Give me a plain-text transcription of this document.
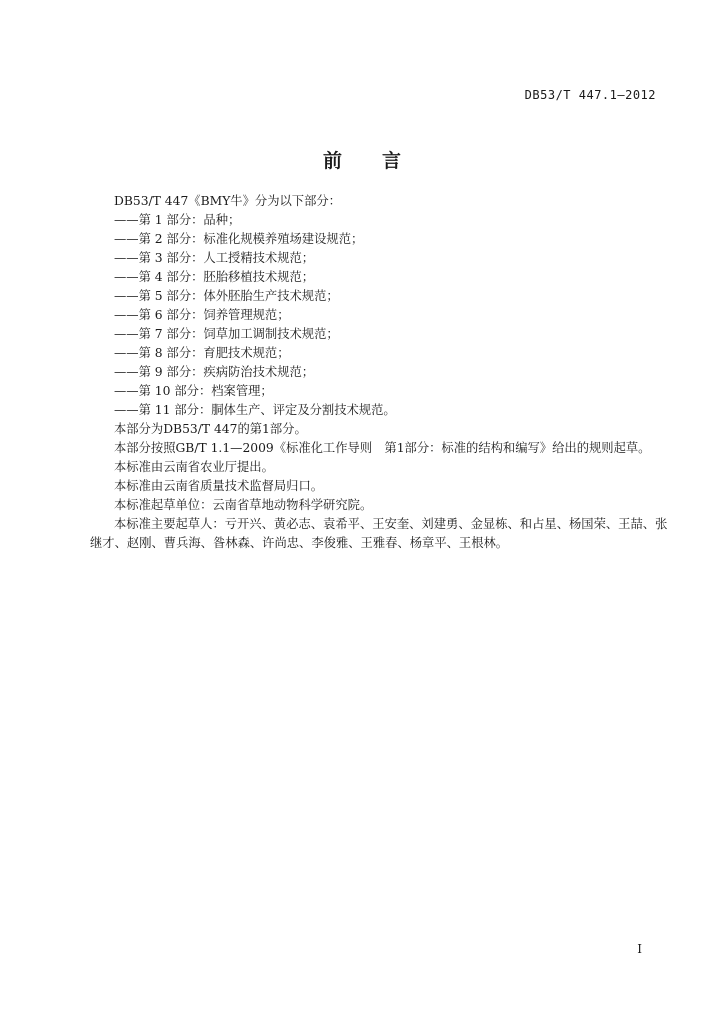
DB53/T 447.1—2012
前言
DB53/T 447《BMY牛》分为以下部分：
——第 1 部分：品种；
——第 2 部分：标准化规模养殖场建设规范；
——第 3 部分：人工授精技术规范；
——第 4 部分：胚胎移植技术规范；
——第 5 部分：体外胚胎生产技术规范；
——第 6 部分：饲养管理规范；
——第 7 部分：饲草加工调制技术规范；
——第 8 部分：育肥技术规范；
——第 9 部分：疾病防治技术规范；
——第 10 部分：档案管理；
——第 11 部分：胴体生产、评定及分割技术规范。
本部分为DB53/T 447的第1部分。
本部分按照GB/T 1.1—2009《标准化工作导则　第1部分：标准的结构和编写》给出的规则起草。
本标准由云南省农业厅提出。
本标准由云南省质量技术监督局归口。
本标准起草单位：云南省草地动物科学研究院。
本标准主要起草人：亏开兴、黄必志、袁希平、王安奎、刘建勇、金显栋、和占星、杨国荣、王喆、张继才、赵刚、曹兵海、昝林森、许尚忠、李俊雅、王雅春、杨章平、王根林。
I
